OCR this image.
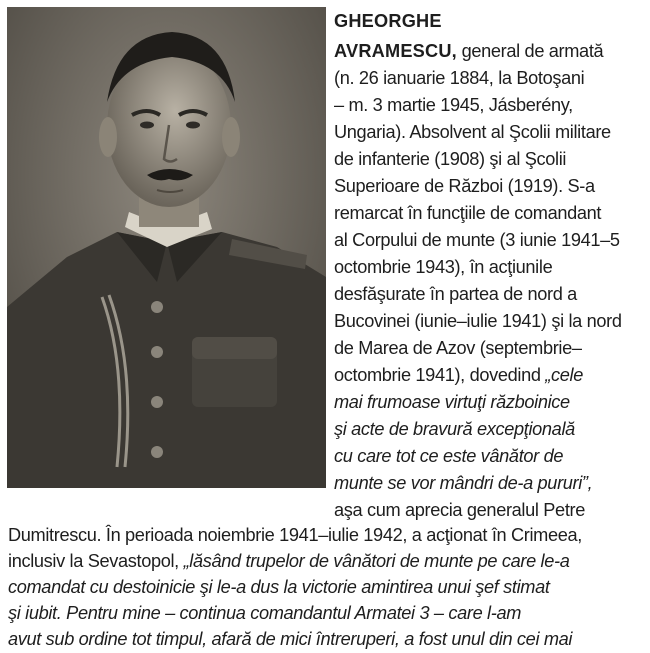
GHEORGHE
AVRAMESCU, general de armată
(n. 26 ianuarie 1884, la Botoşani
– m. 3 martie 1945, Jásberény,
Ungaria). Absolvent al Şcolii militare
de infanterie (1908) şi al Şcolii
Superioare de Război (1919). S-a
remarcat în funcţiile de comandant
al Corpului de munte (3 iunie 1941–5
octombrie 1943), în acţiunile
desfăşurate în partea de nord a
Bucovinei (iunie–iulie 1941) şi la nord
de Marea de Azov (septembrie–
octombrie 1941), dovedind „cele
mai frumoase virtuţi războinice
şi acte de bravură excepţională
cu care tot ce este vânător de
munte se vor mândri de-a pururi”,
aşa cum aprecia generalul Petre
Dumitrescu. În perioada noiembrie 1941–iulie 1942, a acţionat în Crimeea,
inclusiv la Sevastopol, „lăsând trupelor de vânători de munte pe care le-a
comandat cu destoinicie şi le-a dus la victorie amintirea unui şef stimat
şi iubit. Pentru mine – continua comandantul Armatei 3 – care l-am
avut sub ordine tot timpul, afară de mici întreruperi, a fost unul din cei mai
